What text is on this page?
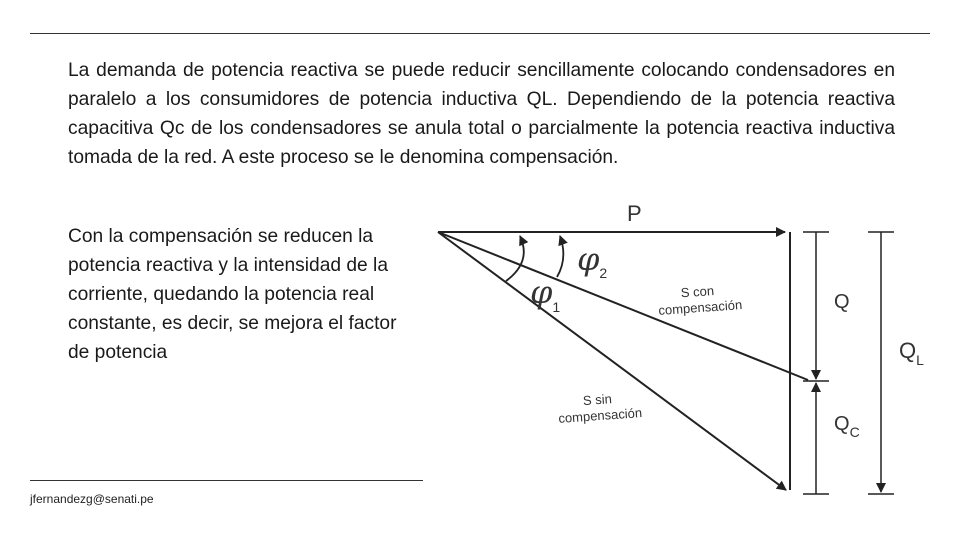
La demanda de potencia reactiva se puede reducir sencillamente colocando condensadores en paralelo a los consumidores de potencia inductiva QL. Dependiendo de la potencia reactiva capacitiva Qc de los condensadores se anula total o parcialmente la potencia reactiva inductiva tomada de la red. A este proceso se le denomina compensación.
Con la compensación se reducen la potencia reactiva y la intensidad de la corriente, quedando la potencia real constante, es decir, se mejora el factor de potencia
P
Q
$Q_L$
$Q_C$
$\varphi_2$
$\varphi_1$
S con compensación
S sin compensación
jfernandezg@senati.pe
